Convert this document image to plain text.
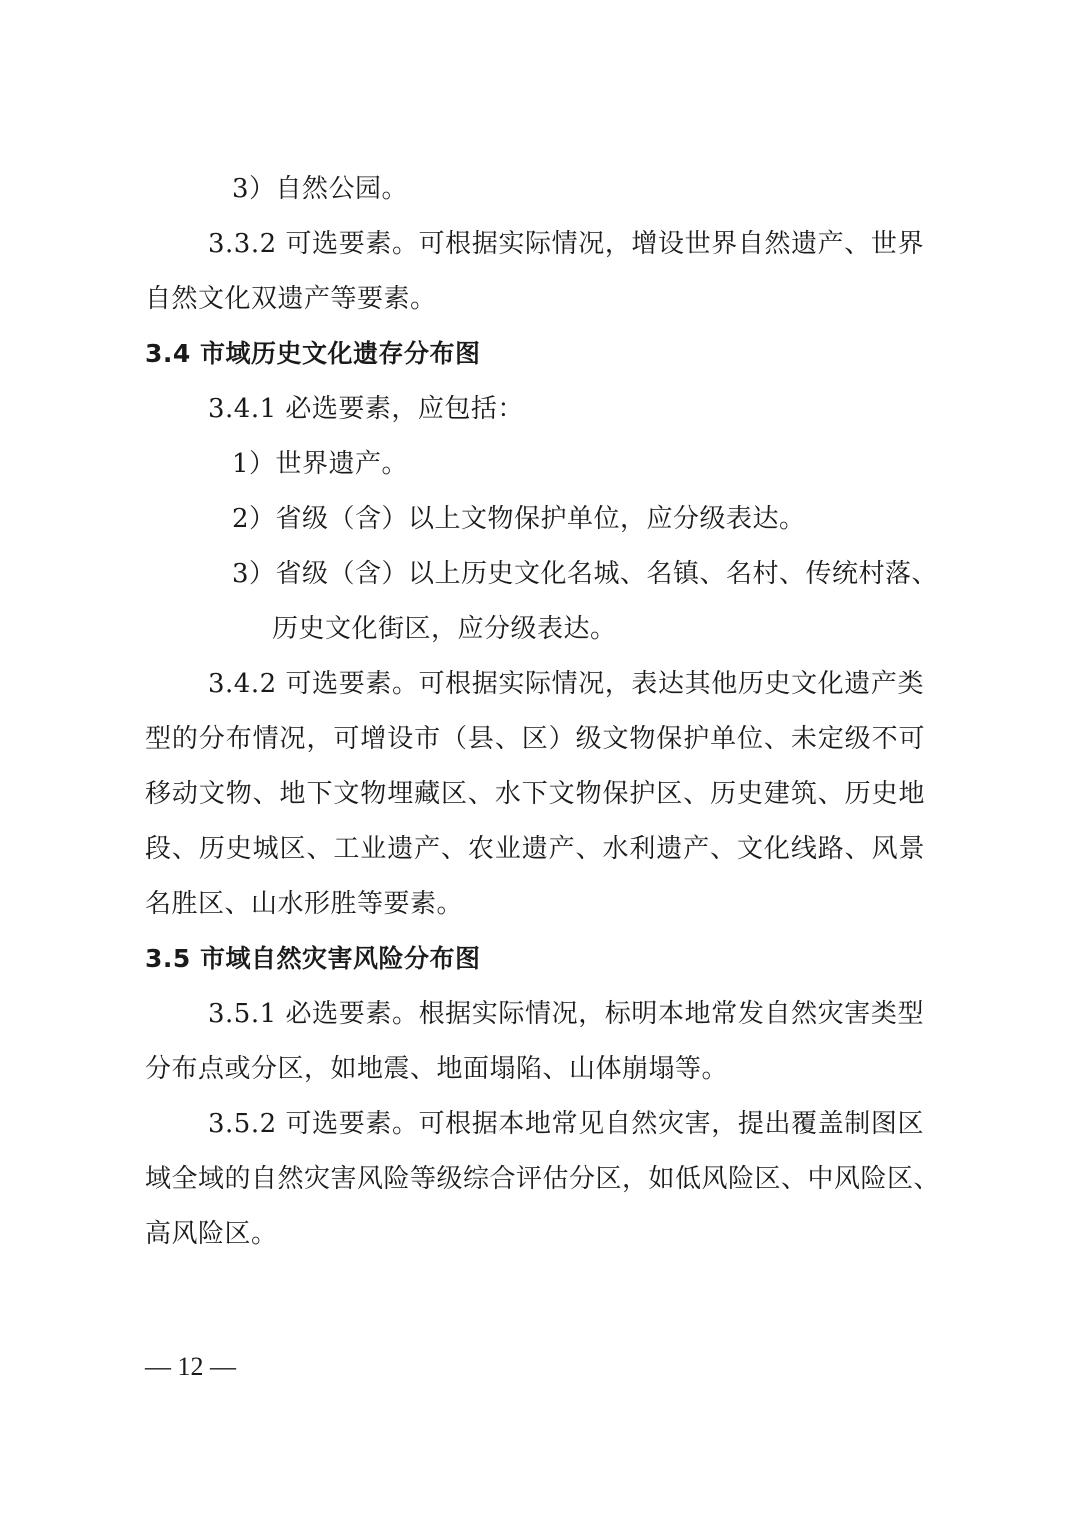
3）自然公园。
3.3.2 可选要素。可根据实际情况，增设世界自然遗产、世界
自然文化双遗产等要素。
3.4 市域历史文化遗存分布图
3.4.1 必选要素，应包括：
1）世界遗产。
2）省级（含）以上文物保护单位，应分级表达。
3）省级（含）以上历史文化名城、名镇、名村、传统村落、
历史文化街区，应分级表达。
3.4.2 可选要素。可根据实际情况，表达其他历史文化遗产类
型的分布情况，可增设市（县、区）级文物保护单位、未定级不可
移动文物、地下文物埋藏区、水下文物保护区、历史建筑、历史地
段、历史城区、工业遗产、农业遗产、水利遗产、文化线路、风景
名胜区、山水形胜等要素。
3.5 市域自然灾害风险分布图
3.5.1 必选要素。根据实际情况，标明本地常发自然灾害类型
分布点或分区，如地震、地面塌陷、山体崩塌等。
3.5.2 可选要素。可根据本地常见自然灾害，提出覆盖制图区
域全域的自然灾害风险等级综合评估分区，如低风险区、中风险区、
高风险区。
— 12 —
